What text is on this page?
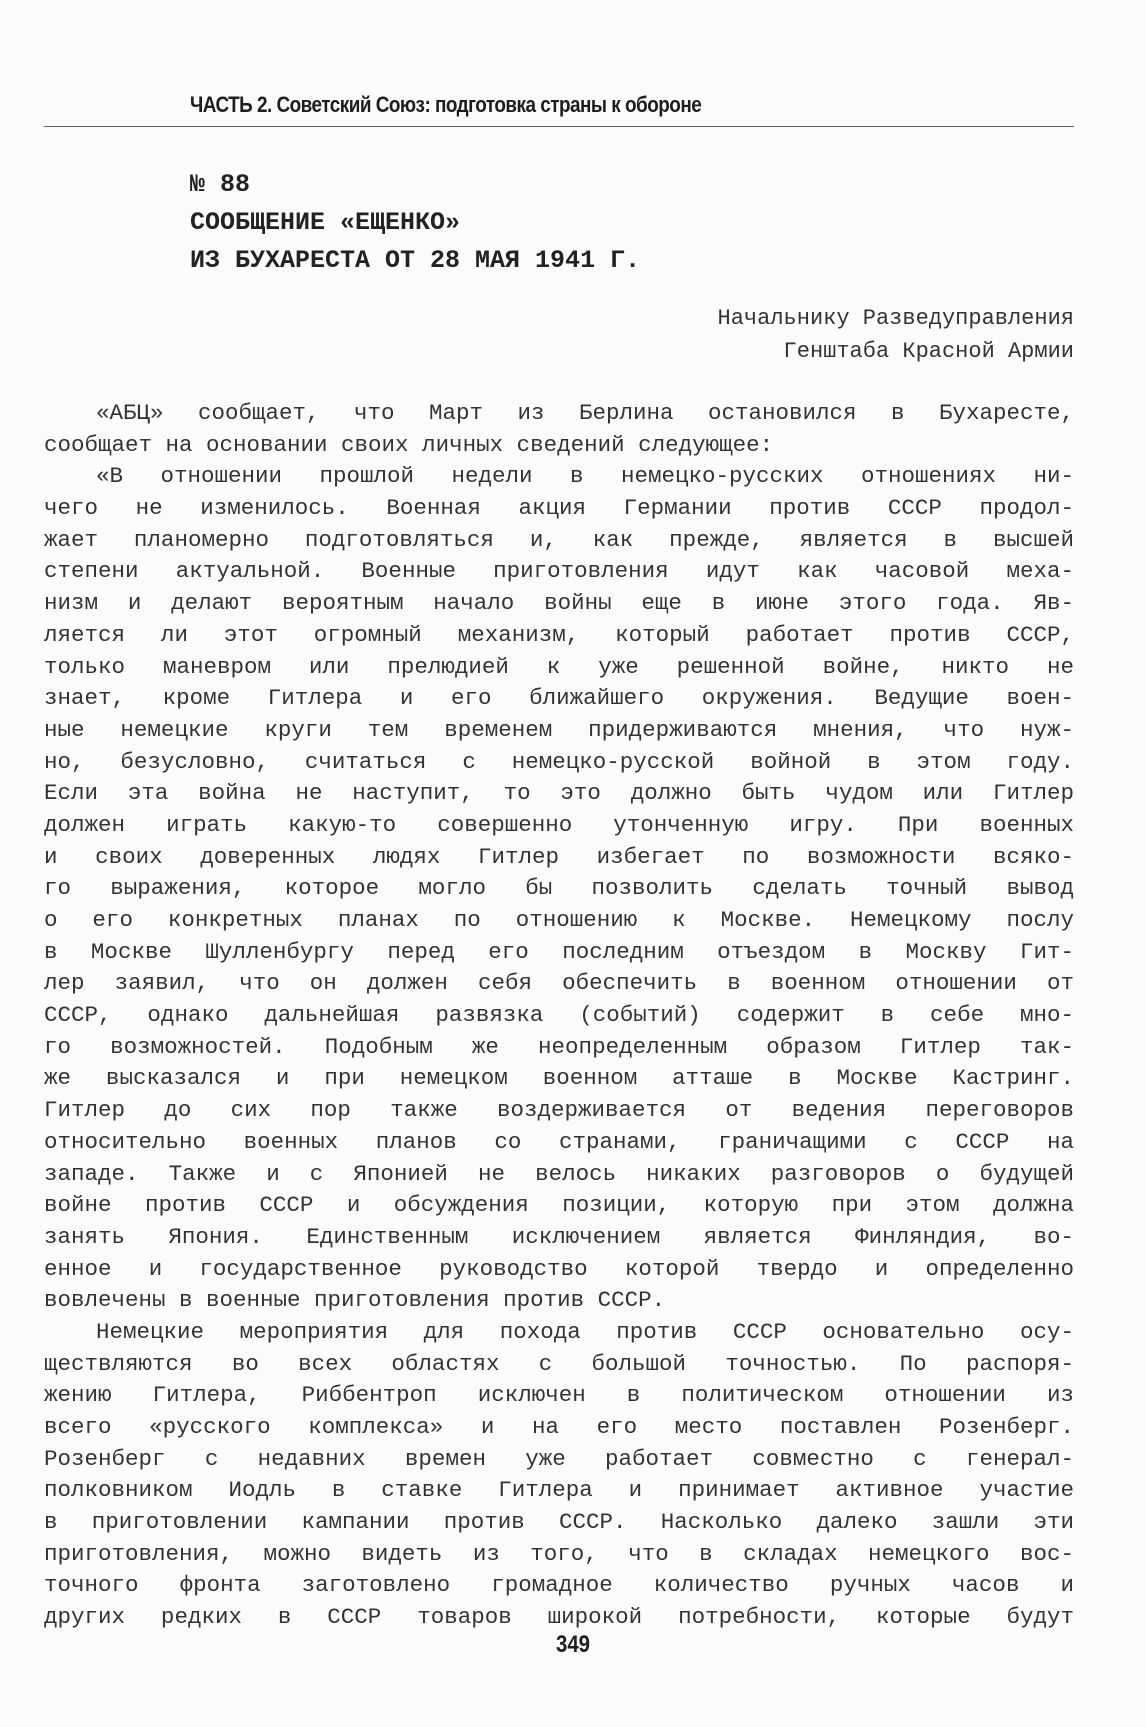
ЧАСТЬ 2. Советский Союз: подготовка страны к обороне
№ 88
СООБЩЕНИЕ «ЕЩЕНКО»
ИЗ БУХАРЕСТА ОТ 28 МАЯ 1941 Г.
Начальнику Разведуправления
Генштаба Красной Армии
«АБЦ» сообщает, что Март из Берлина остановился в Бухаресте,
сообщает на основании своих личных сведений следующее:
«В отношении прошлой недели в немецко-русских отношениях ни-
чего не изменилось. Военная акция Германии против СССР продол-
жает планомерно подготовляться и, как прежде, является в высшей
степени актуальной. Военные приготовления идут как часовой меха-
низм и делают вероятным начало войны еще в июне этого года. Яв-
ляется ли этот огромный механизм, который работает против СССР,
только маневром или прелюдией к уже решенной войне, никто не
знает, кроме Гитлера и его ближайшего окружения. Ведущие воен-
ные немецкие круги тем временем придерживаются мнения, что нуж-
но, безусловно, считаться с немецко-русской войной в этом году.
Если эта война не наступит, то это должно быть чудом или Гитлер
должен играть какую-то совершенно утонченную игру. При военных
и своих доверенных людях Гитлер избегает по возможности всяко-
го выражения, которое могло бы позволить сделать точный вывод
о его конкретных планах по отношению к Москве. Немецкому послу
в Москве Шулленбургу перед его последним отъездом в Москву Гит-
лер заявил, что он должен себя обеспечить в военном отношении от
СССР, однако дальнейшая развязка (событий) содержит в себе мно-
го возможностей. Подобным же неопределенным образом Гитлер так-
же высказался и при немецком военном атташе в Москве Кастринг.
Гитлер до сих пор также воздерживается от ведения переговоров
относительно военных планов со странами, граничащими с СССР на
западе. Также и с Японией не велось никаких разговоров о будущей
войне против СССР и обсуждения позиции, которую при этом должна
занять Япония. Единственным исключением является Финляндия, во-
енное и государственное руководство которой твердо и определенно
вовлечены в военные приготовления против СССР.
Немецкие мероприятия для похода против СССР основательно осу-
ществляются во всех областях с большой точностью. По распоря-
жению Гитлера, Риббентроп исключен в политическом отношении из
всего «русского комплекса» и на его место поставлен Розенберг.
Розенберг с недавних времен уже работает совместно с генерал-
полковником Иодль в ставке Гитлера и принимает активное участие
в приготовлении кампании против СССР. Насколько далеко зашли эти
приготовления, можно видеть из того, что в складах немецкого вос-
точного фронта заготовлено громадное количество ручных часов и
других редких в СССР товаров широкой потребности, которые будут
349
